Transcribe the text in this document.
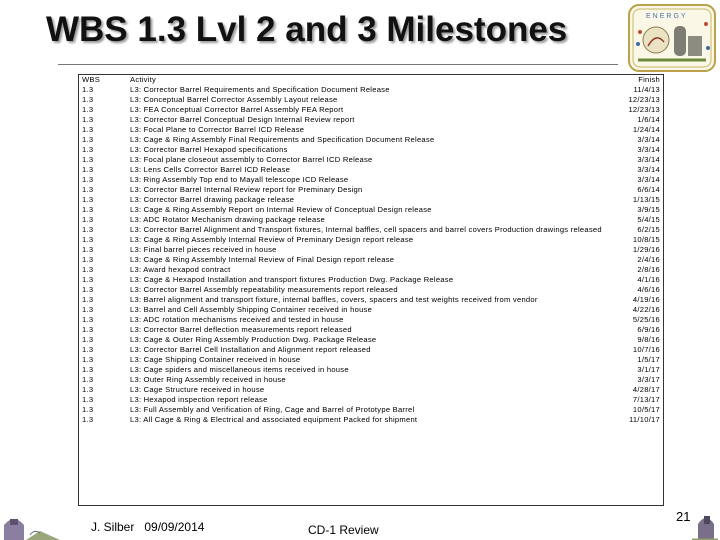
WBS 1.3 Lvl 2 and 3 Milestones	ENERGY
WBS	Activity	Finish
1.3	L3: Corrector Barrel Requirements and Specification Document Release	11/4/13
1.3	L3: Conceptual Barrel Corrector Assembly Layout release	12/23/13
1.3	L3: FEA Conceptual Corrector Barrel Assembly FEA Report	12/23/13
1.3	L3: Corrector Barrel Conceptual Design Internal Review report	1/6/14
1.3	L3: Focal Plane to Corrector Barrel ICD Release	1/24/14
1.3	L3: Cage & Ring Assembly Final Requirements and Specification Document Release	3/3/14
1.3	L3: Corrector Barrel Hexapod specifications	3/3/14
1.3	L3: Focal plane closeout assembly to Corrector Barrel ICD Release	3/3/14
1.3	L3: Lens Cells Corrector Barrel ICD Release	3/3/14
1.3	L3: Ring Assembly Top end to Mayall telescope ICD Release	3/3/14
1.3	L3: Corrector Barrel Internal Review report for Preminary Design	6/6/14
1.3	L3: Corrector Barrel drawing package release	1/13/15
1.3	L3: Cage & Ring Assembly Report on Internal Review of Conceptual Design release	3/9/15
1.3	L3: ADC Rotator Mechanism drawing package release	5/4/15
1.3	L3: Corrector Barrel Alignment and Transport fixtures, Internal baffles, cell spacers and barrel covers Production drawings released	6/2/15
1.3	L3: Cage & Ring Assembly Internal Review of Preminary Design report release	10/8/15
1.3	L3: Final barrel pieces received in house	1/29/16
1.3	L3: Cage & Ring Assembly Internal Review of Final Design report release	2/4/16
1.3	L3: Award hexapod contract	2/8/16
1.3	L3: Cage & Hexapod Installation and transport fixtures Production Dwg. Package Release	4/1/16
1.3	L3: Corrector Barrel Assembly repeatability measurements report released	4/6/16
1.3	L3: Barrel alignment and transport fixture, internal baffles, covers, spacers and test weights received from vendor	4/19/16
1.3	L3: Barrel and Cell Assembly Shipping Container received in house	4/22/16
1.3	L3: ADC rotation mechanisms received and tested in house	5/25/16
1.3	L3: Corrector Barrel deflection measurements report released	6/9/16
1.3	L3: Cage & Outer Ring Assembly Production Dwg. Package Release	9/8/16
1.3	L3: Corrector Barrel Cell Installation and Alignment report released	10/7/16
1.3	L3: Cage Shipping Container received in house	1/5/17
1.3	L3: Cage spiders and miscellaneous items received in house	3/1/17
1.3	L3: Outer Ring Assembly received in house	3/3/17
1.3	L3: Cage Structure received in house	4/28/17
1.3	L3: Hexapod inspection report release	7/13/17
1.3	L3: Full Assembly and Verification of Ring, Cage and Barrel of Prototype Barrel	10/5/17
1.3	L3: All Cage & Ring & Electrical and associated equipment Packed for shipment	11/10/17
J. Silber 09/09/2014	CD-1 Review
21
